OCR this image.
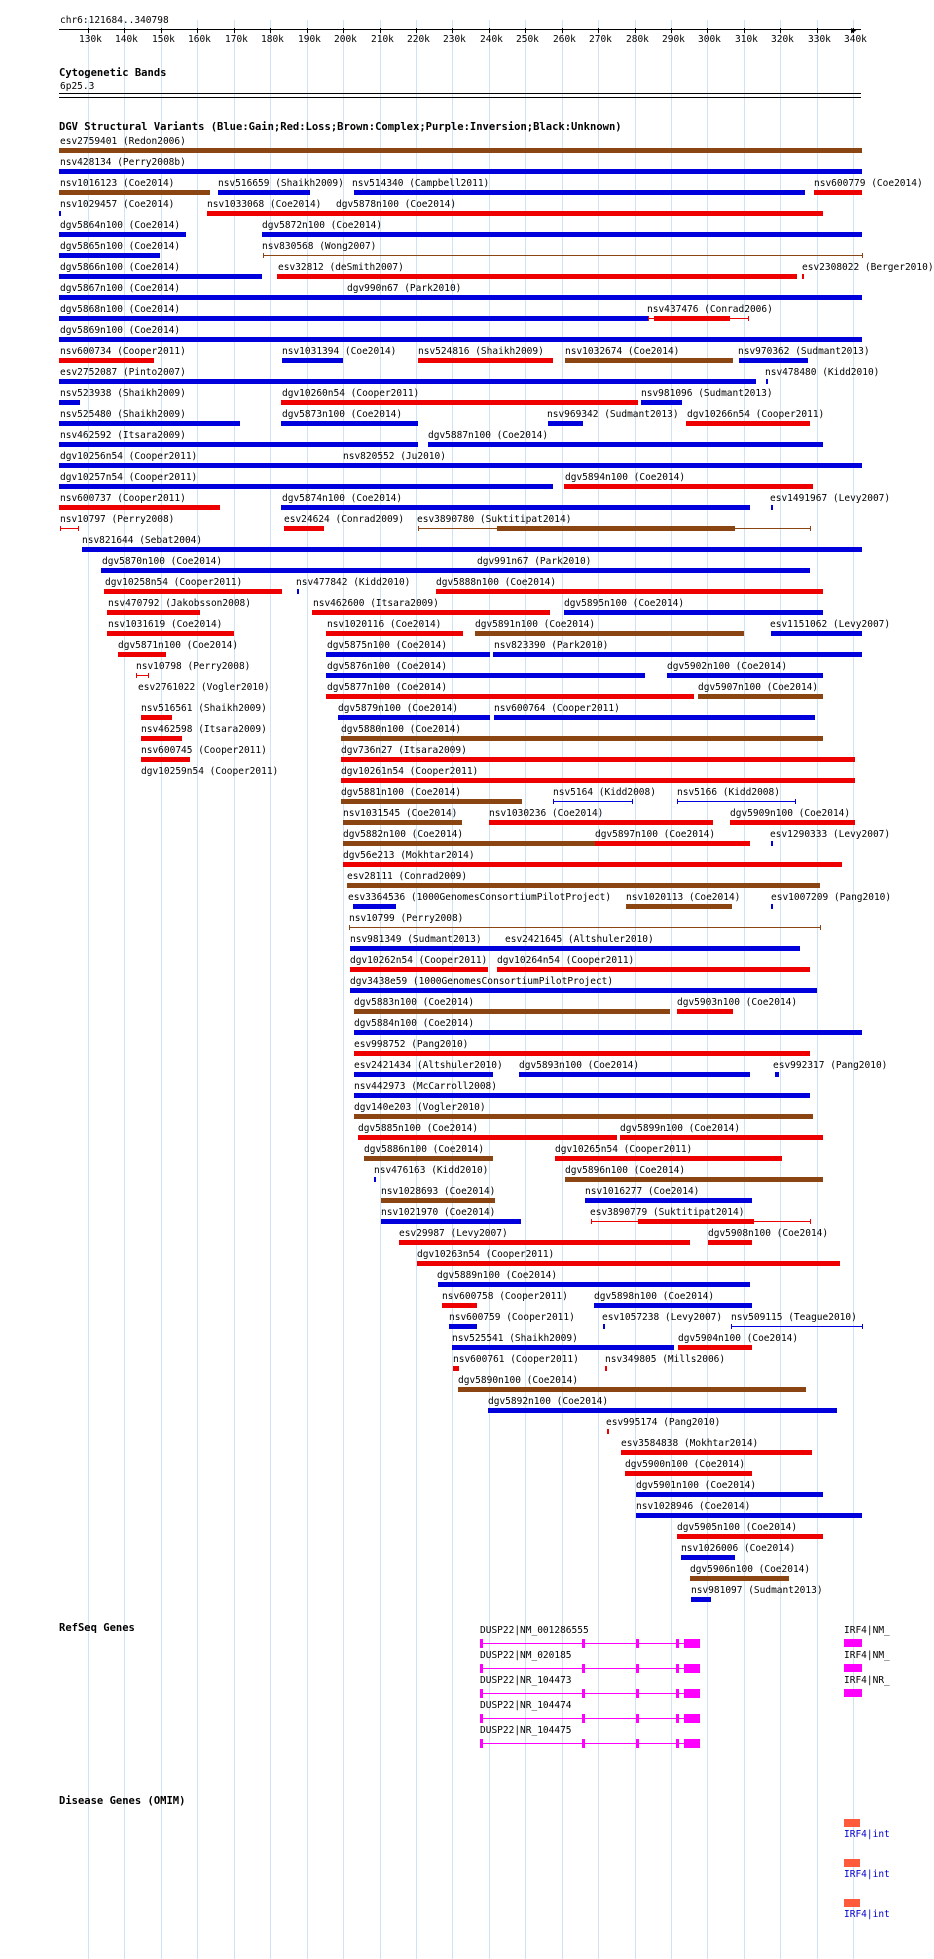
chr6:121684..340798
130k 140k 150k 160k 170k 180k 190k 200k 210k 220k 230k 240k 250k 260k 270k 280k 290k 300k 310k 320k 330k 340k
▶
Cytogenetic Bands
6p25.3
DGV Structural Variants (Blue:Gain;Red:Loss;Brown:Complex;Purple:Inversion;Black:Unknown)
esv2759401 (Redon2006)
nsv428134 (Perry2008b)
nsv1016123 (Coe2014)	nsv516659 (Shaikh2009) nsv514340 (Campbell2011)	nsv600779 (Coe2014)
nsv1029457 (Coe2014)	nsv1033068 (Coe2014) dgv5878n100 (Coe2014)
dgv5864n100 (Coe2014)	dgv5872n100 (Coe2014)
dgv5865n100 (Coe2014)	nsv830568 (Wong2007)
dgv5866n100 (Coe2014)	esv32812 (deSmith2007)	esv2308022 (Berger2010)
dgv5867n100 (Coe2014)	dgv990n67 (Park2010)
dgv5868n100 (Coe2014)	nsv437476 (Conrad2006)
dgv5869n100 (Coe2014)
nsv600734 (Cooper2011)	nsv1031394 (Coe2014) nsv524816 (Shaikh2009) nsv1032674 (Coe2014)	nsv970362 (Sudmant2013)
esv2752087 (Pinto2007)	nsv478480 (Kidd2010)
nsv523938 (Shaikh2009)	dgv10260n54 (Cooper2011)	nsv981096 (Sudmant2013)
nsv525480 (Shaikh2009)	dgv5873n100 (Coe2014)	nsv969342 (Sudmant2013) dgv10266n54 (Cooper2011)
nsv462592 (Itsara2009)	dgv5887n100 (Coe2014)
dgv10256n54 (Cooper2011)	nsv820552 (Ju2010)
dgv10257n54 (Cooper2011)	dgv5894n100 (Coe2014)
nsv600737 (Cooper2011)	dgv5874n100 (Coe2014)	esv1491967 (Levy2007)
nsv10797 (Perry2008)	esv24624 (Conrad2009) esv3890780 (Suktitipat2014)
nsv821644 (Sebat2004)
dgv5870n100 (Coe2014)	dgv991n67 (Park2010)
dgv10258n54 (Cooper2011)	nsv477842 (Kidd2010)	dgv5888n100 (Coe2014)
nsv470792 (Jakobsson2008)	nsv462600 (Itsara2009)	dgv5895n100 (Coe2014)
nsv1031619 (Coe2014)	nsv1020116 (Coe2014)	dgv5891n100 (Coe2014)	esv1151062 (Levy2007)
dgv5871n100 (Coe2014)	dgv5875n100 (Coe2014)	nsv823390 (Park2010)
nsv10798 (Perry2008)	dgv5876n100 (Coe2014)	dgv5902n100 (Coe2014)
esv2761022 (Vogler2010)	dgv5877n100 (Coe2014)	dgv5907n100 (Coe2014)
nsv516561 (Shaikh2009)	dgv5879n100 (Coe2014)	nsv600764 (Cooper2011)
nsv462598 (Itsara2009)	dgv5880n100 (Coe2014)
nsv600745 (Cooper2011)	dgv736n27 (Itsara2009)
dgv10259n54 (Cooper2011)	dgv10261n54 (Cooper2011)
dgv5881n100 (Coe2014)	nsv5164 (Kidd2008) nsv5166 (Kidd2008)
nsv1031545 (Coe2014)	nsv1030236 (Coe2014)	dgv5909n100 (Coe2014)
dgv5882n100 (Coe2014)	dgv5897n100 (Coe2014)	esv1290333 (Levy2007)
dgv56e213 (Mokhtar2014)
esv28111 (Conrad2009)
esv3364536 (1000GenomesConsortiumPilotProject) nsv1020113 (Coe2014)	esv1007209 (Pang2010)
nsv10799 (Perry2008)
nsv981349 (Sudmant2013) esv2421645 (Altshuler2010)
dgv10262n54 (Cooper2011) dgv10264n54 (Cooper2011)
dgv3438e59 (1000GenomesConsortiumPilotProject)
dgv5883n100 (Coe2014)	dgv5903n100 (Coe2014)
dgv5884n100 (Coe2014)
esv998752 (Pang2010)
esv2421434 (Altshuler2010) dgv5893n100 (Coe2014)	esv992317 (Pang2010)
nsv442973 (McCarroll2008)
dgv140e203 (Vogler2010)
dgv5885n100 (Coe2014)	dgv5899n100 (Coe2014)
dgv5886n100 (Coe2014)	dgv10265n54 (Cooper2011)
nsv476163 (Kidd2010)	dgv5896n100 (Coe2014)
nsv1028693 (Coe2014)	nsv1016277 (Coe2014)
nsv1021970 (Coe2014)	esv3890779 (Suktitipat2014)
esv29987 (Levy2007)	dgv5908n100 (Coe2014)
dgv10263n54 (Cooper2011)
dgv5889n100 (Coe2014)
nsv600758 (Cooper2011)	dgv5898n100 (Coe2014)
nsv600759 (Cooper2011)	esv1057238 (Levy2007) nsv509115 (Teague2010)
nsv525541 (Shaikh2009)	dgv5904n100 (Coe2014)
nsv600761 (Cooper2011)	nsv349805 (Mills2006)
dgv5890n100 (Coe2014)
dgv5892n100 (Coe2014)
esv995174 (Pang2010)
esv3584838 (Mokhtar2014)
dgv5900n100 (Coe2014)
dgv5901n100 (Coe2014)
nsv1028946 (Coe2014)
dgv5905n100 (Coe2014)
nsv1026006 (Coe2014)
dgv5906n100 (Coe2014)
nsv981097 (Sudmant2013)
RefSeq Genes	DUSP22|NM_001286555
DUSP22|NM_020185
DUSP22|NR_104473
DUSP22|NR_104474
DUSP22|NR_104475
IRF4|NM_
IRF4|NM_
IRF4|NR_
Disease Genes (OMIM)
IRF4|int
IRF4|int
IRF4|int
